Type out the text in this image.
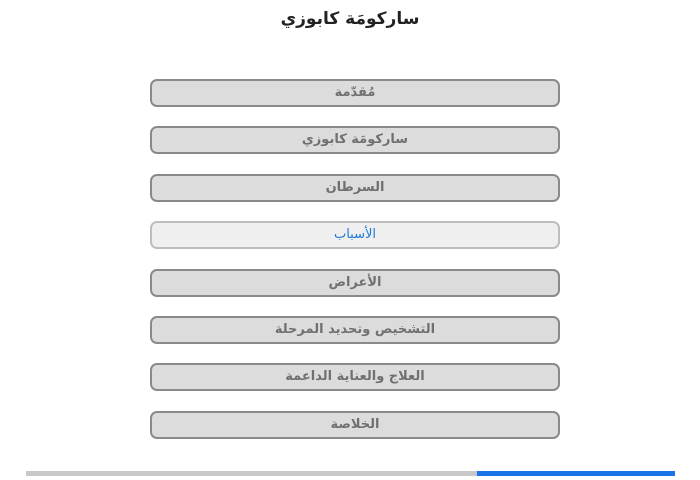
ساركومَة كابوزي
مُقدّمة
ساركومَة كابوزي
السرطان
الأسباب
الأعراض
التشخيص وتحديد المرحلة
العلاج والعناية الداعمة
الخلاصة
